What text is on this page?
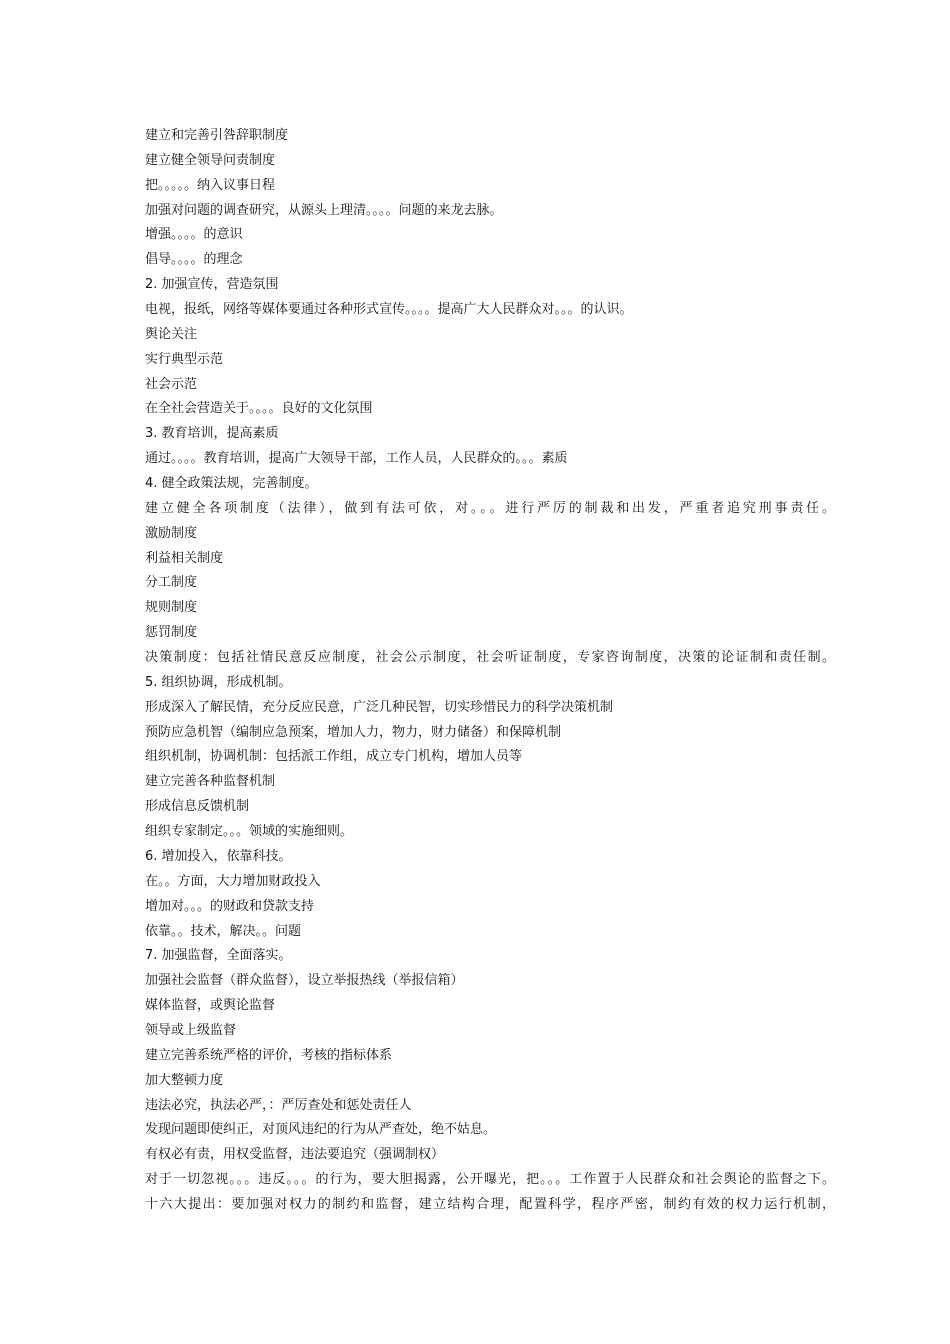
建立和完善引咎辞职制度
建立健全领导问责制度
把。。。。。纳入议事日程
加强对问题的调查研究，从源头上理清。。。。问题的来龙去脉。
增强。。。。的意识
倡导。。。。的理念
2. 加强宣传，营造氛围
电视，报纸，网络等媒体要通过各种形式宣传。。。。提高广大人民群众对。。。的认识。
舆论关注
实行典型示范
社会示范
在全社会营造关于。。。。良好的文化氛围
3. 教育培训，提高素质
通过。。。。教育培训，提高广大领导干部，工作人员，人民群众的。。。素质
4. 健全政策法规，完善制度。
建立健全各项制度（法律），做到有法可依，对。。。进行严厉的制裁和出发，严重者追究刑事责任。
激励制度
利益相关制度
分工制度
规则制度
惩罚制度
决策制度：包括社情民意反应制度，社会公示制度，社会听证制度，专家咨询制度，决策的论证制和责任制。
5. 组织协调，形成机制。
形成深入了解民情，充分反应民意，广泛几种民智，切实珍惜民力的科学决策机制
预防应急机智（编制应急预案，增加人力，物力，财力储备）和保障机制
组织机制，协调机制：包括派工作组，成立专门机构，增加人员等
建立完善各种监督机制
形成信息反馈机制
组织专家制定。。。领域的实施细则。
6. 增加投入，依靠科技。
在。。方面，大力增加财政投入
增加对。。。的财政和贷款支持
依靠。。技术，解决。。问题
7. 加强监督，全面落实。
加强社会监督（群众监督），设立举报热线（举报信箱）
媒体监督，或舆论监督
领导或上级监督
建立完善系统严格的评价，考核的指标体系
加大整顿力度
违法必究，执法必严，：严厉查处和惩处责任人
发现问题即使纠正，对顶风违纪的行为从严查处，绝不姑息。
有权必有责，用权受监督，违法要追究（强调制权）
对于一切忽视。。。违反。。。的行为，要大胆揭露，公开曝光，把。。。工作置于人民群众和社会舆论的监督之下。
十六大提出：要加强对权力的制约和监督，建立结构合理，配置科学，程序严密，制约有效的权力运行机制，
